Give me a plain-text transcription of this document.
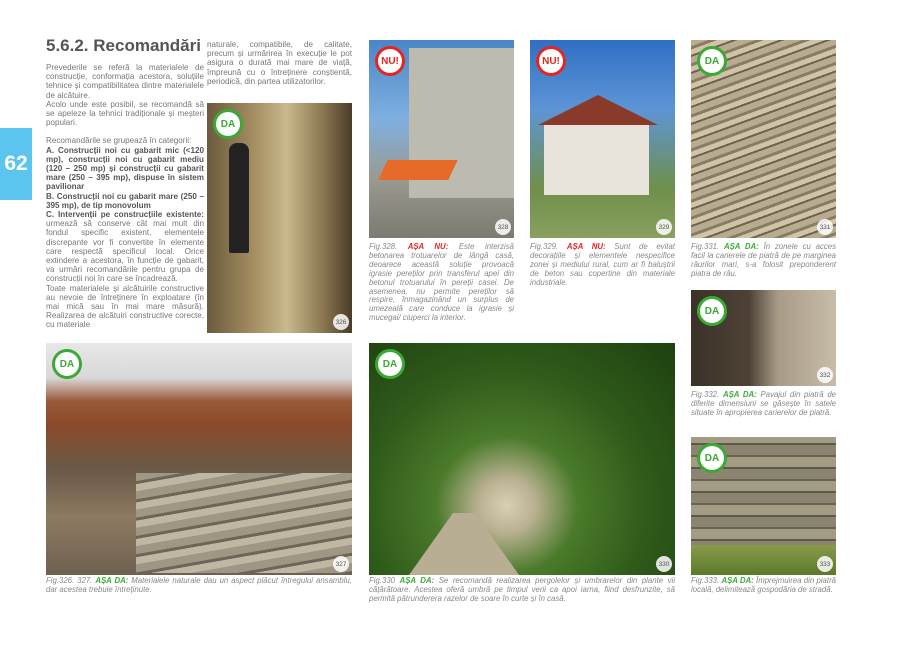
62
5.6.2. Recomandări

Prevederile se referă la materialele de construcție, conformația acestora, soluțiile tehnice și compatibilitatea dintre materialele de alcătuire.

Acolo unde este posibil, se recomandă să se apeleze la tehnici tradiționale și meșteri populari.

Recomandările se grupează în categorii:

A. Construcții noi cu gabarit mic (<120 mp), construcții noi cu gabarit mediu (120 – 250 mp) și construcții cu gabarit mare (250 – 395 mp), dispuse în sistem pavilionar

B. Construcții noi cu gabarit mare (250 – 395 mp), de tip monovolum

C. Intervenții pe construcțiile existente: urmează să conserve cât mai mult din fondul specific existent, elementele discrepante vor fi convertite în elemente care respectă specificul local. Orice extindere a acestora, în funcție de gabarit, va urmări recomandările pentru grupa de construcții noi în care se încadrează.

Toate materialele și alcătuirile constructive au nevoie de întreținere în exploatare (în mai mică sau în mai mare măsură). Realizarea de alcătuiri constructive corecte, cu materiale

naturale, compatibile, de calitate, precum și urmărirea în execuție le pot asigura o durată mai mare de viață, împreună cu o întreținere conștientă, periodică, din partea utilizatorilor.
DA
326
NU!
328
NU!
329
DA
331
DA
332
DA
327
DA
330
DA
333
Fig.328. AȘA NU: Este interzisă betonarea trotuarelor de lângă casă, deoarece această soluție provoacă igrasie pereților prin transferul apei din betonul trotuarului în pereții casei. De asemenea, nu permite pereților să respire, înmagazinând un surplus de umezeală care conduce la igrasie și mucegai/ ciuperci la interior.
Fig.329. AȘA NU: Sunt de evitat decorațiile și elementele nespecifice zonei și mediului rural, cum ar fi baluștrii de beton sau copertine din materiale industriale.
Fig.331. AȘA DA: În zonele cu acces facil la carierele de piatră de pe marginea râurilor mari, s-a folosit preponderent piatra de râu.
Fig.332. AȘA DA: Pavajul din piatră de diferite dimensiuni se găsește în satele situate în apropierea carierelor de piatră.
Fig.326. 327. AȘA DA: Materialele naturale dau un aspect plăcut întregului ansamblu, dar acestea trebuie întreținute.
Fig.330 AȘA DA: Se recomandă realizarea pergolelor și umbrarelor din plante vii cățărătoare. Acestea oferă umbră pe timpul verii ca apoi iarna, fiind desfrunzite, să permită pătrunderera razelor de soare în curte și în casă.
Fig.333. AȘA DA: Împrejmuirea din piatră locală, delimitează gospodăria de stradă.
